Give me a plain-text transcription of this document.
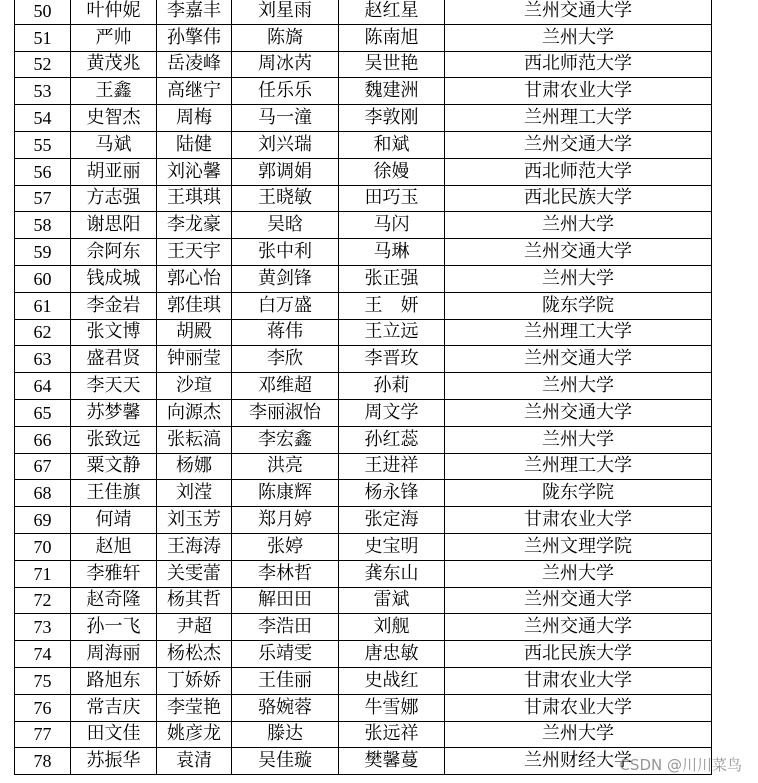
50	叶仲妮	李嘉丰	刘星雨	赵红星	兰州交通大学
51	严帅	孙擎伟	陈旖	陈南旭	兰州大学
52	黄茂兆	岳凌峰	周冰芮	吴世艳	西北师范大学
53	王鑫	高继宁	任乐乐	魏建洲	甘肃农业大学
54	史智杰	周梅	马一潼	李敦刚	兰州理工大学
55	马斌	陆健	刘兴瑞	和斌	兰州交通大学
56	胡亚丽	刘沁馨	郭调娟	徐嫚	西北师范大学
57	方志强	王琪琪	王晓敏	田巧玉	西北民族大学
58	谢思阳	李龙豪	吴晗	马闪	兰州大学
59	佘阿东	王天宇	张中利	马琳	兰州交通大学
60	钱成城	郭心怡	黄剑锋	张正强	兰州大学
61	李金岩	郭佳琪	白万盛	王　妍	陇东学院
62	张文博	胡殿	蒋伟	王立远	兰州理工大学
63	盛君贤	钟丽莹	李欣	李晋玫	兰州交通大学
64	李天天	沙瑄	邓维超	孙莉	兰州大学
65	苏梦馨	向源杰	李丽淑怡	周文学	兰州交通大学
66	张致远	张耘滈	李宏鑫	孙红蕊	兰州大学
67	粟文静	杨娜	洪亮	王进祥	兰州理工大学
68	王佳旗	刘滢	陈康辉	杨永锋	陇东学院
69	何靖	刘玉芳	郑月婷	张定海	甘肃农业大学
70	赵旭	王海涛	张婷	史宝明	兰州文理学院
71	李雅轩	关雯蕾	李林哲	龚东山	兰州大学
72	赵奇隆	杨其哲	解田田	雷斌	兰州交通大学
73	孙一飞	尹超	李浩田	刘舰	兰州交通大学
74	周海丽	杨松杰	乐靖雯	唐忠敏	西北民族大学
75	路旭东	丁娇娇	王佳丽	史战红	甘肃农业大学
76	常吉庆	李莹艳	骆婉蓉	牛雪娜	甘肃农业大学
77	田文佳	姚彦龙	滕达	张远祥	兰州大学
78	苏振华	袁清	吴佳璇	樊馨蔓	兰州财经大学
CSDN @川川菜鸟
